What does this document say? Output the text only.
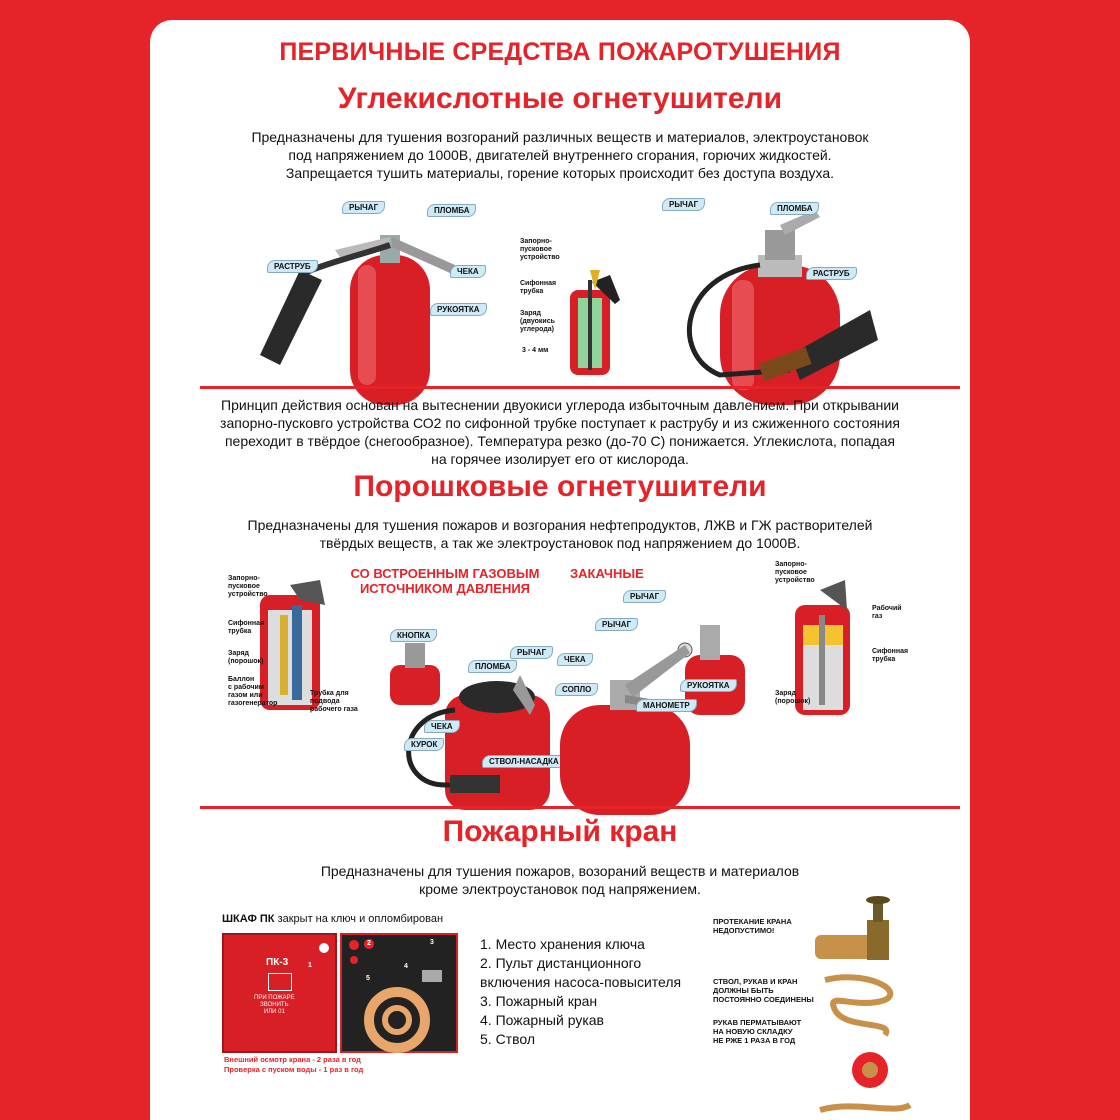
ПЕРВИЧНЫЕ СРЕДСТВА ПОЖАРОТУШЕНИЯ
Углекислотные огнетушители
Предназначены для тушения возгораний различных веществ и материалов, электроустановок
под напряжением до 1000В, двигателей внутреннего сгорания, горючих жидкостей.
Запрещается тушить материалы, горение которых происходит без доступа воздуха.
РЫЧАГ	ПЛОМБА
РАСТРУБ
ЧЕКА
РУКОЯТКА
Запорно-
пусковое
устройство
Сифонная
трубка
Заряд
(двуокись
углерода)
3 - 4 мм
РЫЧАГ	ПЛОМБА
РАСТРУБ
Принцип действия основан на вытеснении двуокиси углерода избыточным давлением. При открывании
запорно-пусковго устройства СО2 по сифонной трубке поступает к раструбу и из сжиженного состояния
переходит в твёрдое (снегообразное). Температура резко (до-70 С) понижается. Углекислота, попадая
на горячее изолирует его от кислорода.
Порошковые огнетушители
Предназначены для тушения пожаров и возгорания нефтепродуктов, ЛЖВ и ГЖ растворителей
твёрдых веществ, а так же электроустановок под напряжением до 1000В.
Запорно-
пусковое
устройство
Сифонная
трубка
Заряд
(порошок)
Баллон
с рабочим
газом или
газогенератор
Трубка для
подвода
рабочего газа
СО ВСТРОЕННЫМ ГАЗОВЫМ
ИСТОЧНИКОМ ДАВЛЕНИЯ
ЗАКАЧНЫЕ
КНОПКА
ПЛОМБА
РЫЧАГ
ЧЕКА
КУРОК
СТВОЛ-НАСАДКА
РЫЧАГ
РЫЧАГ
ЧЕКА
СОПЛО	РУКОЯТКА
МАНОМЕТР
Запорно-
пусковое
устройство
Рабочий
газ
Сифонная
трубка
Заряд
(порошок)
Пожарный кран
Предназначены для тушения пожаров, возораний веществ и материалов
кроме электроустановок под напряжением.
ШКАФ ПК закрыт на ключ и опломбирован
ПК-3
ПРИ ПОЖАРЕ
ЗВОНИТЬ
ИЛИ 01
2	3
4
5
1
Внешний осмотр крана - 2 раза в год
Проверка с пуском воды - 1 раз в год
1. Место хранения ключа
2. Пульт дистанционного
включения насоса-повысителя
3. Пожарный кран
4. Пожарный рукав
5. Ствол
ПРОТЕКАНИЕ КРАНА
НЕДОПУСТИМО!
СТВОЛ, РУКАВ И КРАН
ДОЛЖНЫ БЫТЬ
ПОСТОЯННО СОЕДИНЕНЫ
РУКАВ ПЕРМАТЫВАЮТ
НА НОВУЮ СКЛАДКУ
НЕ РЖЕ 1 РАЗА В ГОД
